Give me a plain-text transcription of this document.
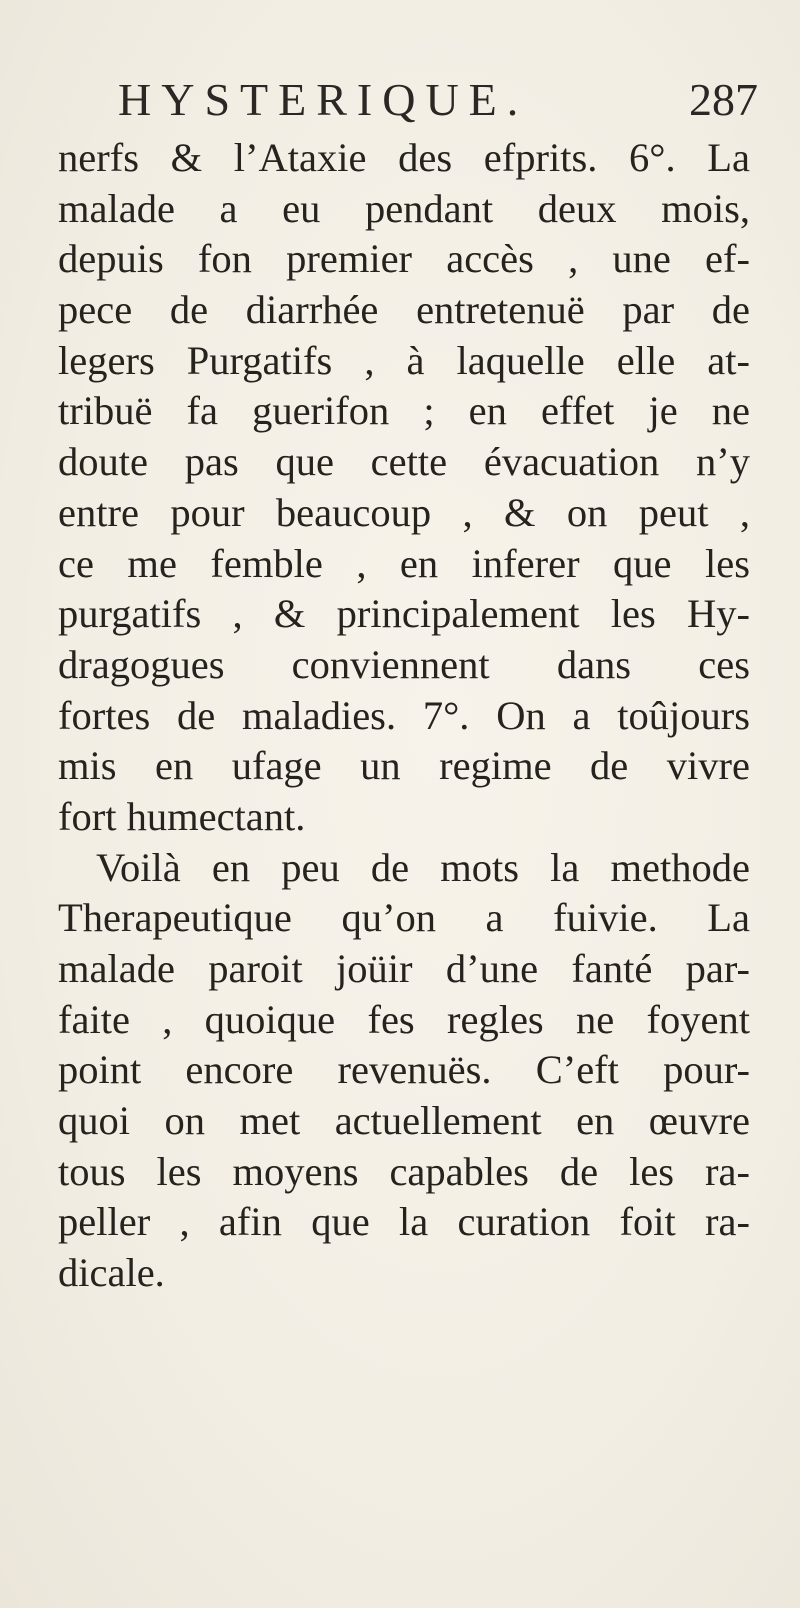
HYSTERIQUE.	287
nerfs & l’Ataxie des efprits. 6°. La
malade a eu pendant deux mois,
depuis fon premier accès , une ef-
pece de diarrhée entretenuë par de
legers Purgatifs , à laquelle elle at-
tribuë fa guerifon ; en effet je ne
doute pas que cette évacuation n’y
entre pour beaucoup , & on peut ,
ce me femble , en inferer que les
purgatifs , & principalement les Hy-
dragogues conviennent dans ces
fortes de maladies. 7°. On a toûjours
mis en ufage un regime de vivre
fort humectant.
Voilà en peu de mots la methode
Therapeutique qu’on a fuivie. La
malade paroit joüir d’une fanté par-
faite , quoique fes regles ne foyent
point encore revenuës. C’eft pour-
quoi on met actuellement en œuvre
tous les moyens capables de les ra-
peller , afin que la curation foit ra-
dicale.
